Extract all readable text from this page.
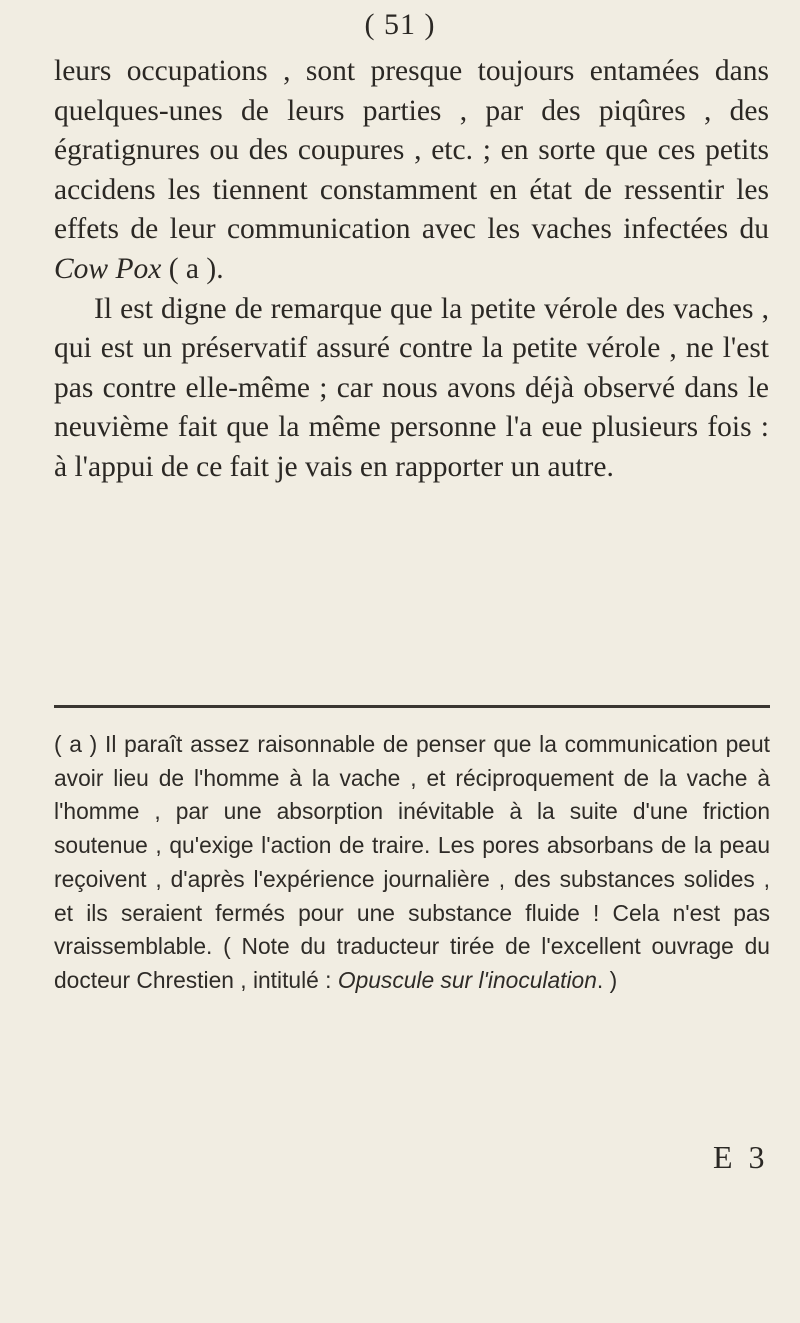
( 51 )

leurs occupations , sont presque toujours entamées dans quelques-unes de leurs parties , par des piqûres , des égratignures ou des coupures , etc. ; en sorte que ces petits accidens les tiennent constamment en état de ressentir les effets de leur communication avec les vaches infectées du Cow Pox ( a ).

Il est digne de remarque que la petite vérole des vaches , qui est un préservatif assuré contre la petite vérole , ne l'est pas contre elle-même ; car nous avons déjà observé dans le neuvième fait que la même personne l'a eue plusieurs fois : à l'appui de ce fait je vais en rapporter un autre.

( a ) Il paraît assez raisonnable de penser que la communication peut avoir lieu de l'homme à la vache , et réciproquement de la vache à l'homme , par une absorption inévitable à la suite d'une friction soutenue , qu'exige l'action de traire. Les pores absorbans de la peau reçoivent , d'après l'expérience journalière , des substances solides , et ils seraient fermés pour une substance fluide ! Cela n'est pas vraissemblable. ( Note du traducteur tirée de l'excellent ouvrage du docteur Chrestien , intitulé : Opuscule sur l'inoculation. )

E 3
